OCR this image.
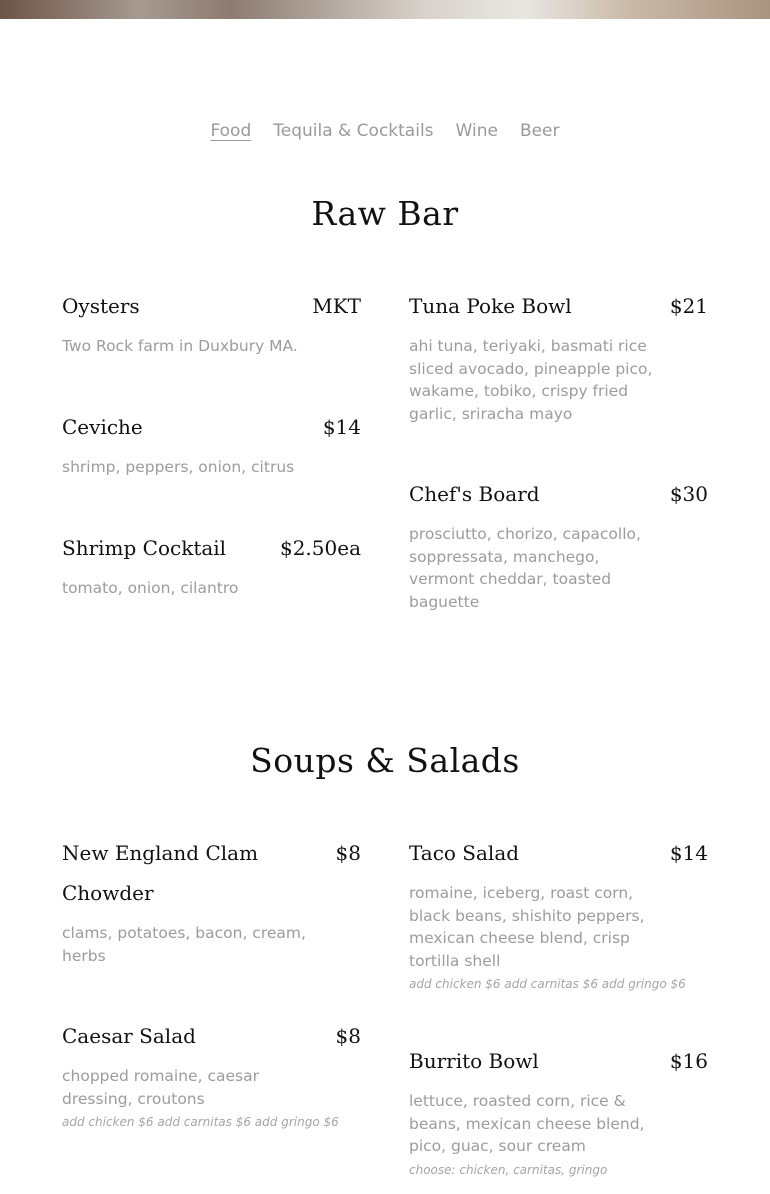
Food Tequila & Cocktails Wine Beer
Raw Bar
Oysters	MKT
Two Rock farm in Duxbury MA.
Ceviche	$14
shrimp, peppers, onion, citrus
Shrimp Cocktail	$2.50ea
tomato, onion, cilantro
Tuna Poke Bowl	$21
ahi tuna, teriyaki, basmati rice sliced avocado, pineapple pico, wakame, tobiko, crispy fried garlic, sriracha mayo
Chef's Board	$30
prosciutto, chorizo, capacollo, soppressata, manchego, vermont cheddar, toasted baguette
Soups & Salads
New England Clam Chowder
$8
clams, potatoes, bacon, cream, herbs
Caesar Salad	$8
chopped romaine, caesar dressing, croutons
add chicken $6 add carnitas $6 add gringo $6
Taco Salad	$14
romaine, iceberg, roast corn, black beans, shishito peppers, mexican cheese blend, crisp tortilla shell
add chicken $6 add carnitas $6 add gringo $6
Burrito Bowl	$16
lettuce, roasted corn, rice & beans, mexican cheese blend, pico, guac, sour cream
choose: chicken, carnitas, gringo
